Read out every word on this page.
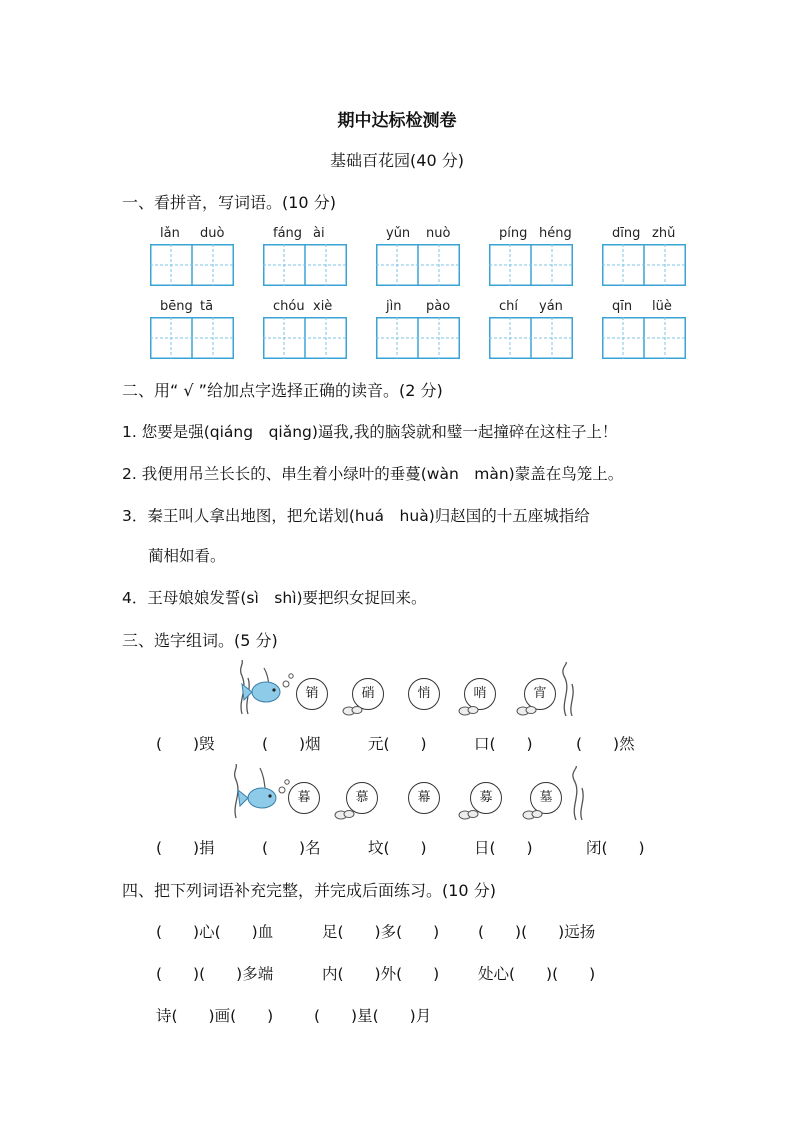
期中达标检测卷
基础百花园(40 分)
一、看拼音，写词语。(10 分)
lǎn duò	fáng ài	yǔn nuò	píng héng	dīng zhǔ
bēng tā	chóu xiè	jìn pào	chí yán	qīn lüè
二、用“ √ ”给加点字选择正确的读音。(2 分)
1. 您要是强(qiáng　qiǎng)逼我,我的脑袋就和璧一起撞碎在这柱子上！
2. 我便用吊兰长长的、串生着小绿叶的垂蔓(wàn　màn)蒙盖在鸟笼上。
3．秦王叫人拿出地图，把允诺划(huá　huà)归赵国的十五座城指给
蔺相如看。
4．王母娘娘发誓(sì　shì)要把织女捉回来。
三、选字组词。(5 分)
销	硝	悄	哨	宵
(　　)毁	(　　)烟	元(　　)	口(　　)	(　　)然
暮	慕	幕	募	墓
(　　)捐	(　　)名	坟(　　)	日(　　)	闭(　　)
四、把下列词语补充完整，并完成后面练习。(10 分)
(　　)心(　　)血	足(　　)多(　　)	(　　)(　　)远扬
(　　)(　　)多端	内(　　)外(　　)	处心(　　)(　　)
诗(　　)画(　　)	(　　)星(　　)月
